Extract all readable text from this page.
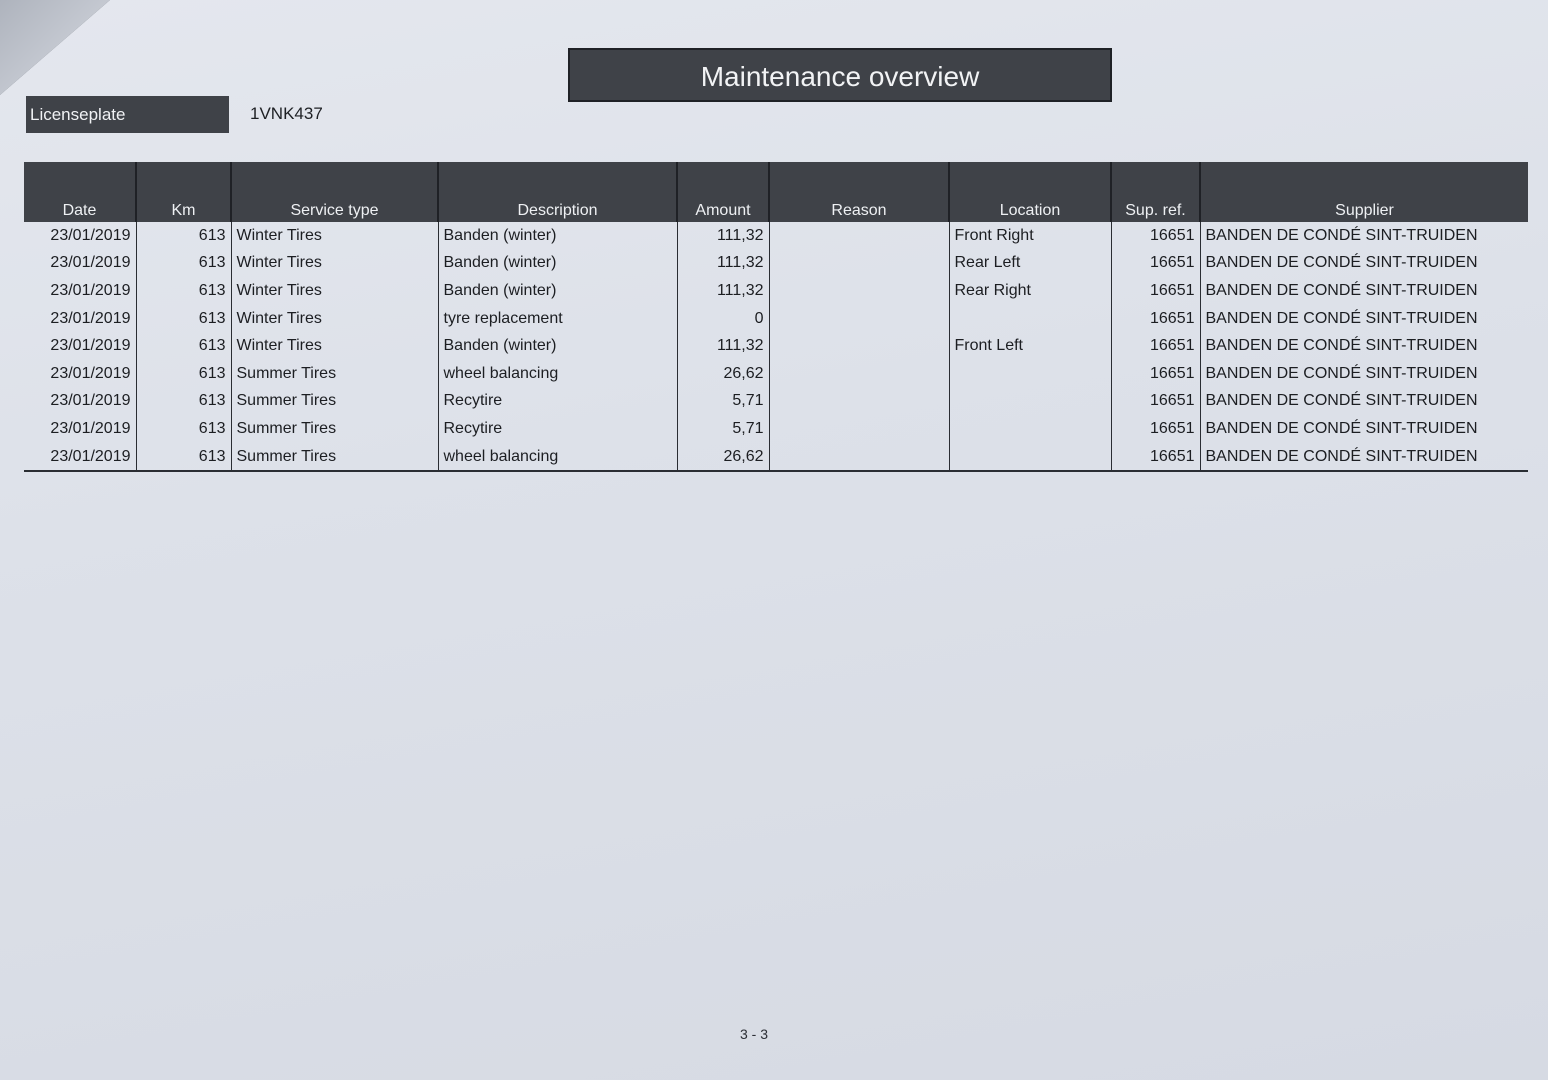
Maintenance overview
Licenseplate	1VNK437
Date	Km	Service type	Description	Amount	Reason	Location	Sup. ref.	Supplier
23/01/2019	613	Winter Tires	Banden (winter)	111,32		Front Right	16651	BANDEN DE CONDÉ SINT-TRUIDEN
23/01/2019	613	Winter Tires	Banden (winter)	111,32		Rear Left	16651	BANDEN DE CONDÉ SINT-TRUIDEN
23/01/2019	613	Winter Tires	Banden (winter)	111,32		Rear Right	16651	BANDEN DE CONDÉ SINT-TRUIDEN
23/01/2019	613	Winter Tires	tyre replacement	0			16651	BANDEN DE CONDÉ SINT-TRUIDEN
23/01/2019	613	Winter Tires	Banden (winter)	111,32		Front Left	16651	BANDEN DE CONDÉ SINT-TRUIDEN
23/01/2019	613	Summer Tires	wheel balancing	26,62			16651	BANDEN DE CONDÉ SINT-TRUIDEN
23/01/2019	613	Summer Tires	Recytire	5,71			16651	BANDEN DE CONDÉ SINT-TRUIDEN
23/01/2019	613	Summer Tires	Recytire	5,71			16651	BANDEN DE CONDÉ SINT-TRUIDEN
23/01/2019	613	Summer Tires	wheel balancing	26,62			16651	BANDEN DE CONDÉ SINT-TRUIDEN
3 - 3
